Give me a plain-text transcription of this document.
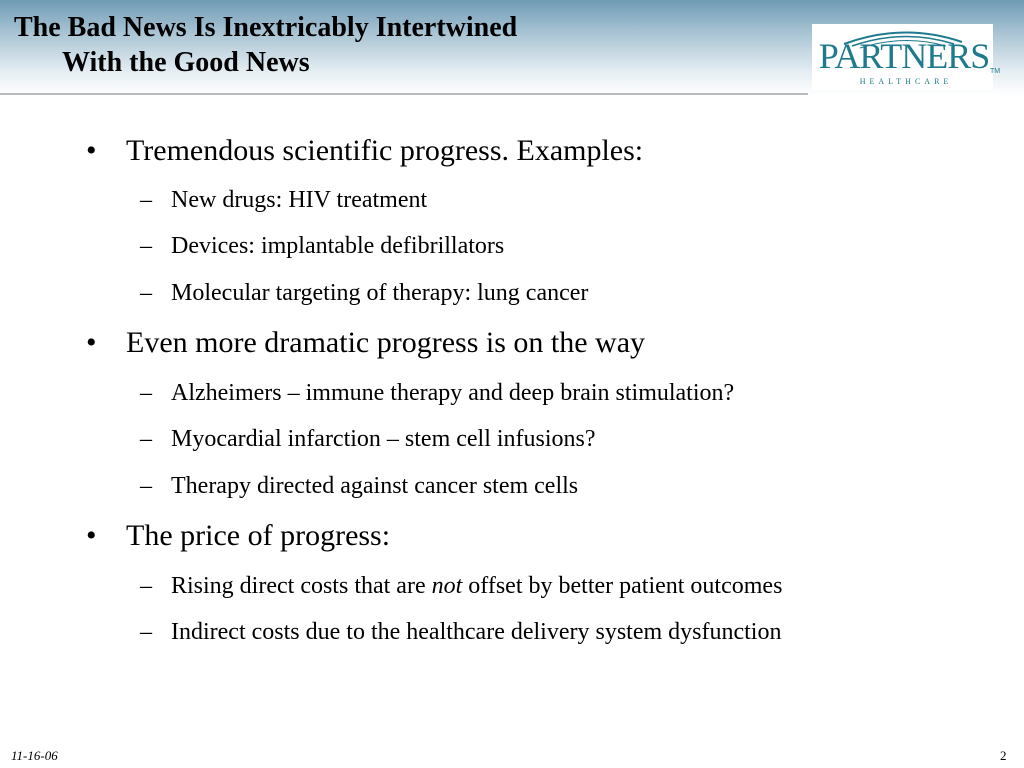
The Bad News Is Inextricably Intertwined
With the Good News	PARTNERS
HEALTHCARE
TM
• Tremendous scientific progress. Examples:
– New drugs: HIV treatment
– Devices: implantable defibrillators
– Molecular targeting of therapy: lung cancer
• Even more dramatic progress is on the way
– Alzheimers – immune therapy and deep brain stimulation?
– Myocardial infarction – stem cell infusions?
– Therapy directed against cancer stem cells
• The price of progress:
– Rising direct costs that are not offset by better patient outcomes
– Indirect costs due to the healthcare delivery system dysfunction
11-16-06	2
